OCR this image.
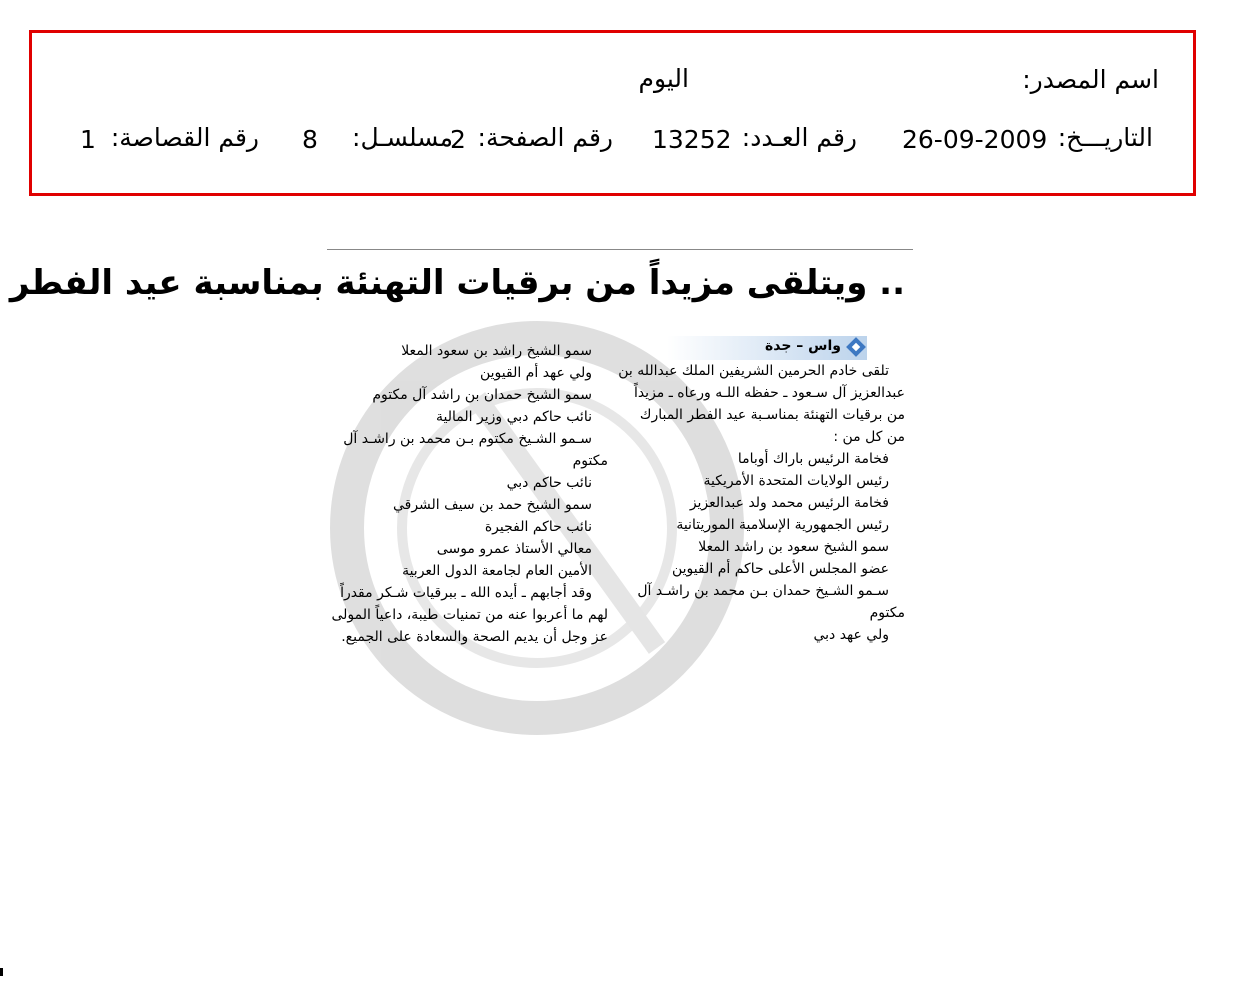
اسم المصدر:
اليوم
التاريـــخ:
26-09-2009
رقم العـدد:
13252
رقم الصفحة:
2
مسلسـل:
8
رقم القصاصة:
1
.. ويتلقى مزيداً من برقيات التهنئة بمناسبة عيد الفطر
واس – جدة
تلقى خادم الحرمين الشريفين الملك عبدالله بن
عبدالعزيز آل سـعود ـ حفظه اللـه ورعاه ـ مزيداً
من برقيات التهنئة بمناسـبة عيد الفطر المبارك
من كل من :
فخامة الرئيس باراك أوباما
رئيس الولايات المتحدة الأمريكية
فخامة الرئيس محمد ولد عبدالعزيز
رئيس الجمهورية الإسلامية الموريتانية
سمو الشيخ سعود بن راشد المعلا
عضو المجلس الأعلى حاكم أم القيوين
سـمو الشـيخ حمدان بـن محمد بن راشـد آل
مكتوم
ولي عهد دبي
سمو الشيخ راشد بن سعود المعلا
ولي عهد أم القيوين
سمو الشيخ حمدان بن راشد آل مكتوم
نائب حاكم دبي وزير المالية
سـمو الشـيخ مكتوم بـن محمد بن راشـد آل
مكتوم
نائب حاكم دبي
سمو الشيخ حمد بن سيف الشرقي
نائب حاكم الفجيرة
معالي الأستاذ عمرو موسى
الأمين العام لجامعة الدول العربية
وقد أجابهم ـ أيده الله ـ ببرقيات شـكر مقدراً
لهم ما أعربوا عنه من تمنيات طيبة، داعياً المولى
عز وجل أن يديم الصحة والسعادة على الجميع.
